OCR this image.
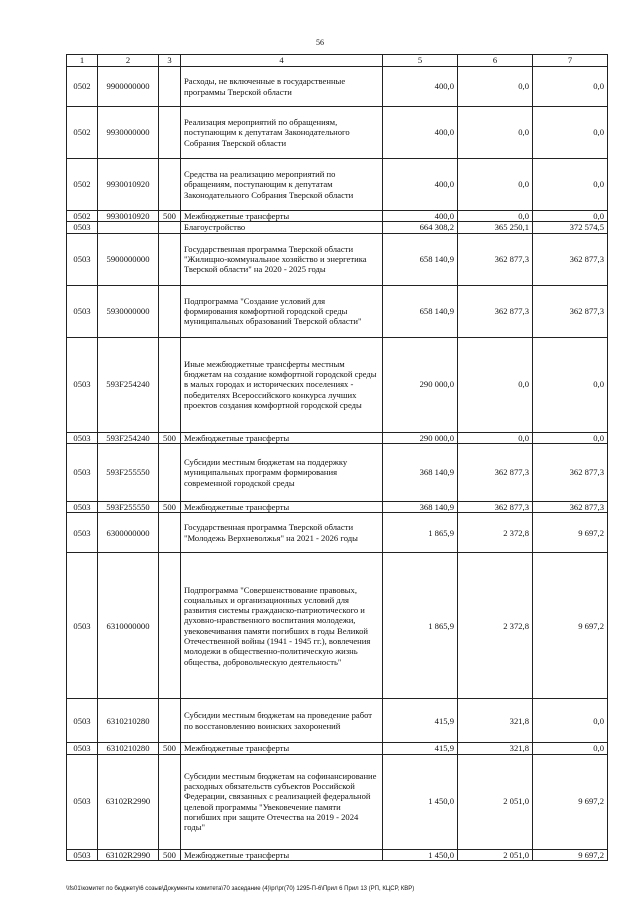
56
1	2	3	4	5	6	7
0502	9900000000		Расходы, не включенные в государственные программы Тверской области	400,0	0,0	0,0
0502	9930000000		Реализация мероприятий по обращениям, поступающим к депутатам Законодательного Собрания Тверской области	400,0	0,0	0,0
0502	9930010920		Средства на реализацию мероприятий по обращениям, поступающим к депутатам Законодательного Собрания Тверской области	400,0	0,0	0,0
0502	9930010920	500	Межбюджетные трансферты	400,0	0,0	0,0
0503			Благоустройство	664 308,2	365 250,1	372 574,5
0503	5900000000		Государственная программа Тверской области "Жилищно-коммунальное хозяйство и энергетика Тверской области" на 2020 - 2025 годы	658 140,9	362 877,3	362 877,3
0503	5930000000		Подпрограмма "Создание условий для формирования комфортной городской среды муниципальных образований Тверской области"	658 140,9	362 877,3	362 877,3
0503	593F254240		Иные межбюджетные трансферты местным бюджетам на создание комфортной городской среды в малых городах и исторических поселениях - победителях Всероссийского конкурса лучших проектов создания комфортной городской среды	290 000,0	0,0	0,0
0503	593F254240	500	Межбюджетные трансферты	290 000,0	0,0	0,0
0503	593F255550		Субсидии местным бюджетам на поддержку муниципальных программ формирования современной городской среды	368 140,9	362 877,3	362 877,3
0503	593F255550	500	Межбюджетные трансферты	368 140,9	362 877,3	362 877,3
0503	6300000000		Государственная программа Тверской области "Молодежь Верхневолжья" на 2021 - 2026 годы	1 865,9	2 372,8	9 697,2
0503	6310000000		Подпрограмма "Совершенствование правовых, социальных и организационных условий для развития системы гражданско-патриотического и духовно-нравственного воспитания молодежи, увековечивания памяти погибших в годы Великой Отечественной войны (1941 - 1945 гг.), вовлечения молодежи в общественно-политическую жизнь общества, добровольческую деятельность"	1 865,9	2 372,8	9 697,2
0503	6310210280		Субсидии местным бюджетам на проведение работ по восстановлению воинских захоронений	415,9	321,8	0,0
0503	6310210280	500	Межбюджетные трансферты	415,9	321,8	0,0
0503	63102R2990		Субсидии местным бюджетам на софинансирование расходных обязательств субъектов Российской Федерации, связанных с реализацией федеральной целевой программы "Увековечение памяти погибших при защите Отечества на 2019 - 2024 годы"	1 450,0	2 051,0	9 697,2
0503	63102R2990	500	Межбюджетные трансферты	1 450,0	2 051,0	9 697,2
\\fs01\комитет по бюджету\6 созыв\Документы комитета\70 заседание (4)\рг\рг(70) 1295-П-6\Прил 6 Прил 13 (РП, КЦСР, КВР)
